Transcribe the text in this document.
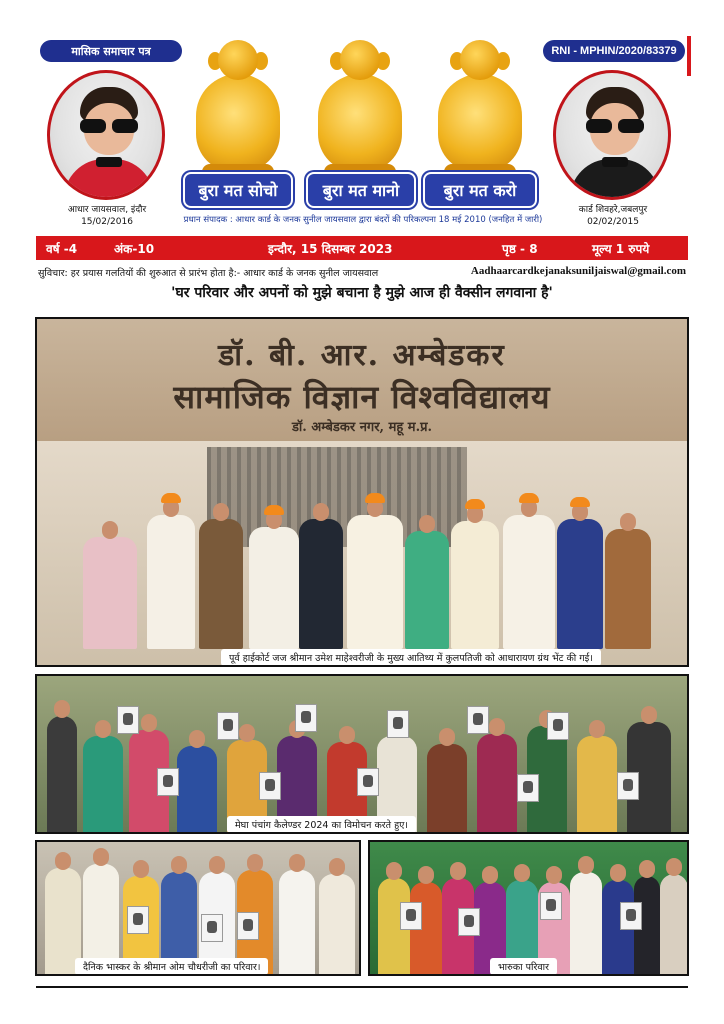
मासिक समाचार पत्र	RNI - MPHIN/2020/83379
आधार जायसवाल, इंदौर
15/02/2016
कार्ड शिवहरे,जबलपुर
02/02/2015
बुरा मत सोचो	बुरा मत मानो	बुरा मत करो
प्रधान संपादक : आधार कार्ड के जनक सुनील जायसवाल द्वारा बंदरों की परिकल्पना 18 मई 2010 (जनहित में जारी)
वर्ष -4	अंक-10	इन्दौर, 15 दिसम्बर 2023	पृष्ठ - 8	मूल्य 1 रुपये
सुविचार: हर प्रयास गलतियों की शुरुआत से प्रारंभ होता है:- आधार कार्ड के जनक सुनील जायसवाल	Aadhaarcardkejanaksuniljaiswal@gmail.com
'घर परिवार और अपनों को मुझे बचाना है मुझे आज ही वैक्सीन लगवाना है'
डॉ. बी. आर. अम्बेडकर
सामाजिक विज्ञान विश्वविद्यालय
डॉ. अम्बेडकर नगर, महू म.प्र.
पूर्व हाईकोर्ट जज श्रीमान उमेश माहेश्वरीजी के मुख्य आतिथ्य में कुलपतिजी को आधारायण ग्रंथ भेंट की गई।
मेघा पंचांग कैलेण्डर 2024 का विमोचन करते हुए।
दैनिक भास्कर के श्रीमान ओम चौधरीजी का परिवार।	भारुका परिवार
